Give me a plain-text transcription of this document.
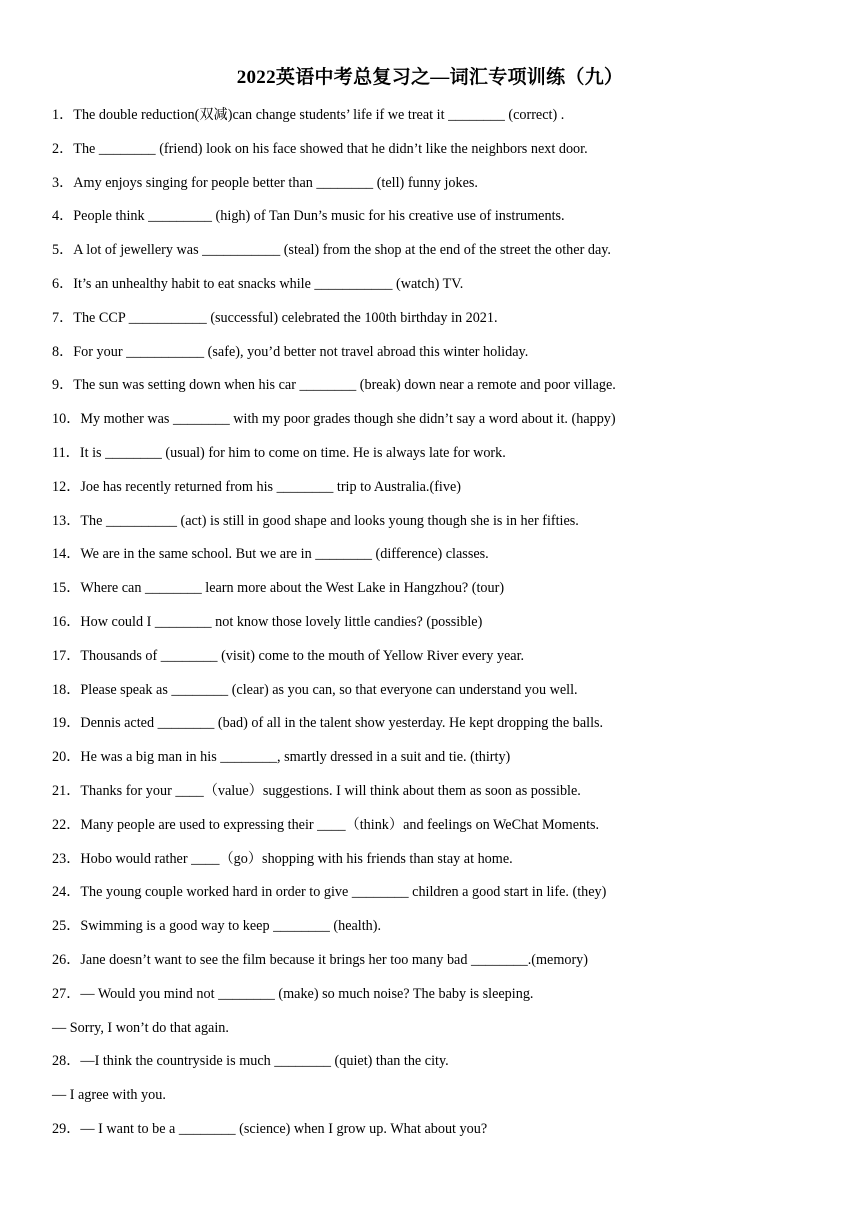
2022英语中考总复习之—词汇专项训练（九）
1．The double reduction(双减)can change students’ life if we treat it ________ (correct) .
2．The ________ (friend) look on his face showed that he didn’t like the neighbors next door.
3．Amy enjoys singing for people better than ________ (tell) funny jokes.
4．People think _________ (high) of Tan Dun’s music for his creative use of instruments.
5．A lot of jewellery was ___________ (steal) from the shop at the end of the street the other day.
6．It’s an unhealthy habit to eat snacks while ___________ (watch) TV.
7．The CCP ___________ (successful) celebrated the 100th birthday in 2021.
8．For your ___________ (safe), you’d better not travel abroad this winter holiday.
9．The sun was setting down when his car ________ (break) down near a remote and poor village.
10．My mother was ________ with my poor grades though she didn’t say a word about it. (happy)
11．It is ________ (usual) for him to come on time. He is always late for work.
12．Joe has recently returned from his ________ trip to Australia.(five)
13．The __________ (act) is still in good shape and looks young though she is in her fifties.
14．We are in the same school. But we are in ________ (difference) classes.
15．Where can ________ learn more about the West Lake in Hangzhou? (tour)
16．How could I ________ not know those lovely little candies? (possible)
17．Thousands of ________ (visit) come to the mouth of Yellow River every year.
18．Please speak as ________ (clear) as you can, so that everyone can understand you well.
19．Dennis acted ________ (bad) of all in the talent show yesterday. He kept dropping the balls.
20．He was a big man in his ________, smartly dressed in a suit and tie. (thirty)
21．Thanks for your ____（value）suggestions. I will think about them as soon as possible.
22．Many people are used to expressing their ____（think）and feelings on WeChat Moments.
23．Hobo would rather ____（go）shopping with his friends than stay at home.
24．The young couple worked hard in order to give ________ children a good start in life. (they)
25．Swimming is a good way to keep ________ (health).
26．Jane doesn’t want to see the film because it brings her too many bad ________.(memory)
27．— Would you mind not ________ (make) so much noise? The baby is sleeping.
— Sorry, I won’t do that again.
28．—I think the countryside is much ________ (quiet) than the city.
— I agree with you.
29．— I want to be a ________ (science) when I grow up. What about you?
